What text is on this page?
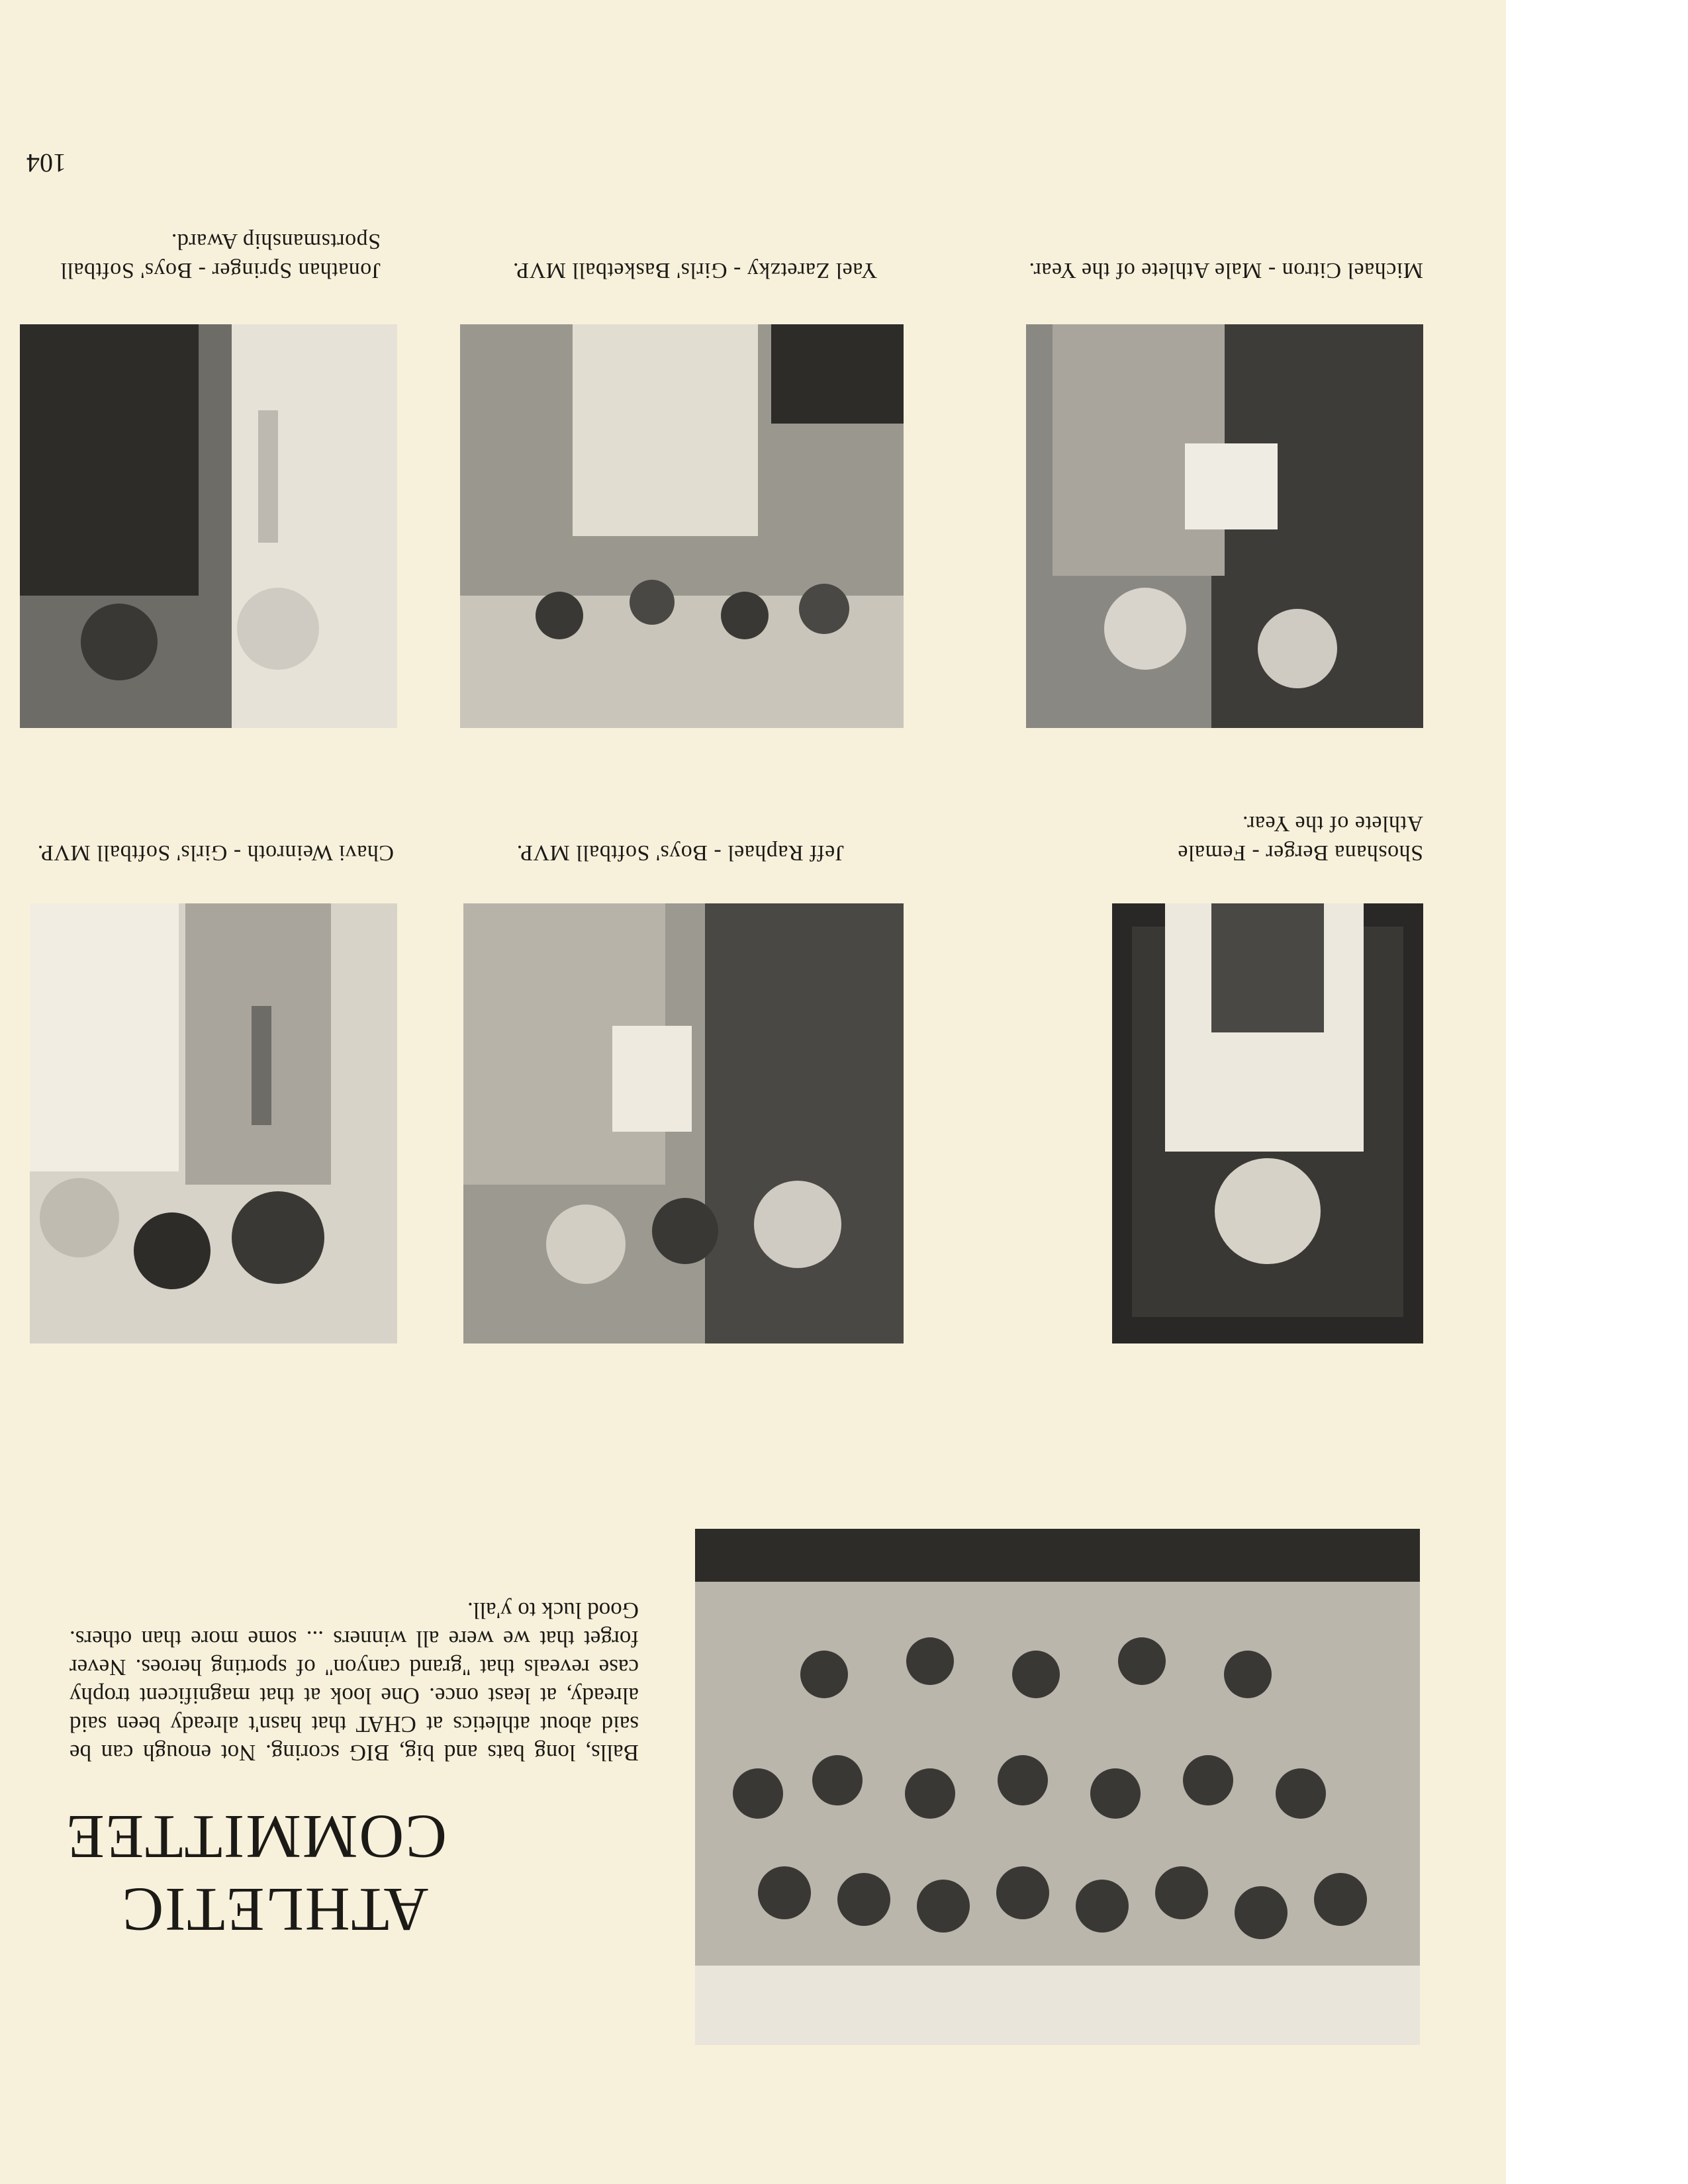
104
Michael Citron - Male Athlete of the Year.
Yael Zaretzky - Girls' Basketball MVP.
Jonathan Springer - Boys' Softball Sportsmanship Award.
Shoshana Berger - Female Athlete of the Year.
Jeff Raphael - Boys' Softball MVP.
Chavi Weinroth - Girls' Softball MVP.
ATHLETIC
COMMITTEE
Balls, long bats and big, BIG scoring. Not enough can be said about athletics at CHAT that hasn't already been said already, at least once. One look at that magnificent trophy case reveals that ''grand canyon'' of sporting heroes. Never forget that we were all winners ... some more than others. Good luck to y'all.
